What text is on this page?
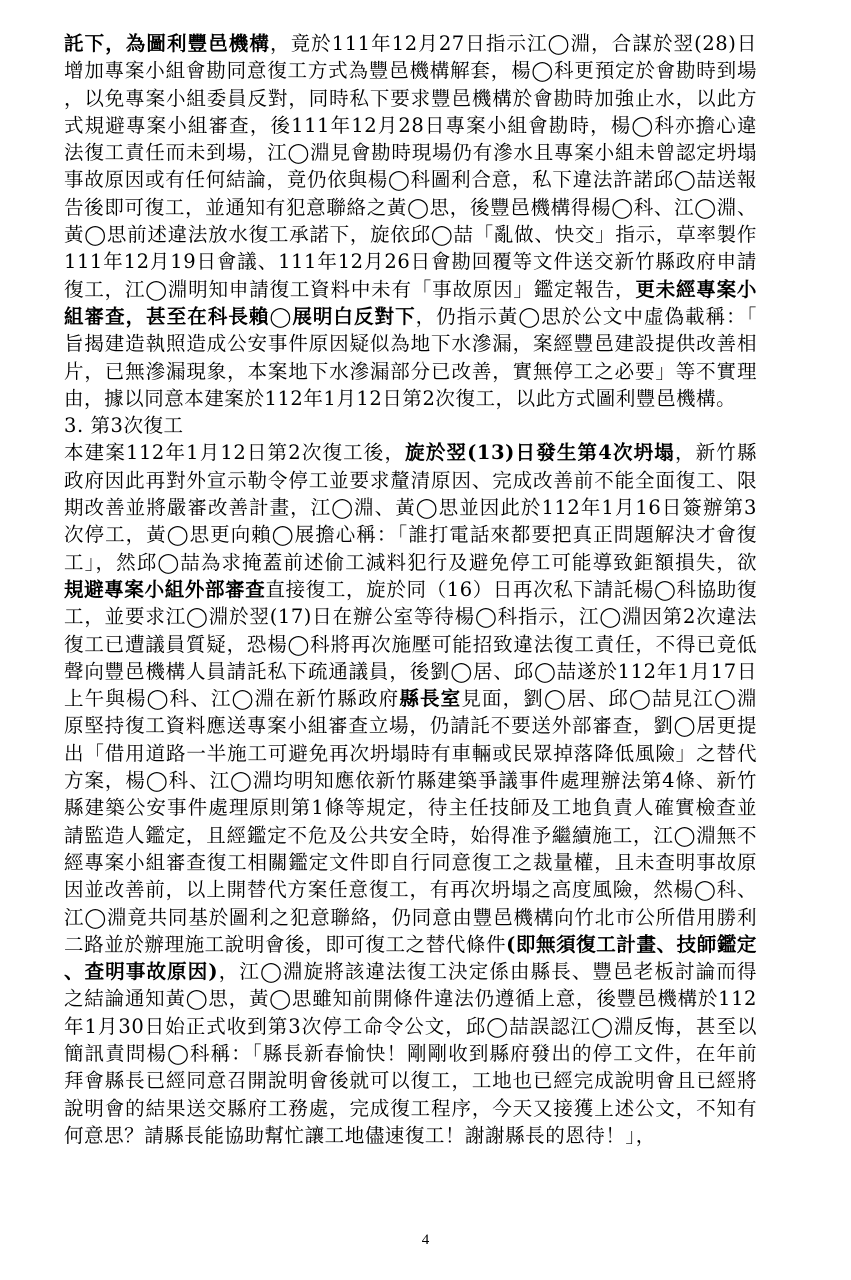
託下，為圖利豐邑機構，竟於111年12月27日指示江◯淵，合謀於翌(28)日增加專案小組會勘同意復工方式為豐邑機構解套，楊◯科更預定於會勘時到場，以免專案小組委員反對，同時私下要求豐邑機構於會勘時加強止水，以此方式規避專案小組審查，後111年12月28日專案小組會勘時，楊◯科亦擔心違法復工責任而未到場，江◯淵見會勘時現場仍有滲水且專案小組未曾認定坍塌事故原因或有任何結論，竟仍依與楊◯科圖利合意，私下違法許諾邱◯喆送報告後即可復工，並通知有犯意聯絡之黃◯思，後豐邑機構得楊◯科、江◯淵、黃◯思前述違法放水復工承諾下，旋依邱◯喆「亂做、快交」指示，草率製作111年12月19日會議、111年12月26日會勘回覆等文件送交新竹縣政府申請復工，江◯淵明知申請復工資料中未有「事故原因」鑑定報告，更未經專案小組審查，甚至在科長賴◯展明白反對下，仍指示黃◯思於公文中虛偽載稱：「旨揭建造執照造成公安事件原因疑似為地下水滲漏，案經豐邑建設提供改善相片，已無滲漏現象，本案地下水滲漏部分已改善，實無停工之必要」等不實理由，據以同意本建案於112年1月12日第2次復工，以此方式圖利豐邑機構。

3. 第3次復工

本建案112年1月12日第2次復工後，旋於翌(13)日發生第4次坍塌，新竹縣政府因此再對外宣示勒令停工並要求釐清原因、完成改善前不能全面復工、限期改善並將嚴審改善計畫，江◯淵、黃◯思並因此於112年1月16日簽辦第3次停工，黃◯思更向賴◯展擔心稱：「誰打電話來都要把真正問題解決才會復工」，然邱◯喆為求掩蓋前述偷工減料犯行及避免停工可能導致鉅額損失，欲規避專案小組外部審查直接復工，旋於同（16）日再次私下請託楊◯科協助復工，並要求江◯淵於翌(17)日在辦公室等待楊◯科指示，江◯淵因第2次違法復工已遭議員質疑，恐楊◯科將再次施壓可能招致違法復工責任，不得已竟低聲向豐邑機構人員請託私下疏通議員，後劉◯居、邱◯喆遂於112年1月17日上午與楊◯科、江◯淵在新竹縣政府縣長室見面，劉◯居、邱◯喆見江◯淵原堅持復工資料應送專案小組審查立場，仍請託不要送外部審查，劉◯居更提出「借用道路一半施工可避免再次坍塌時有車輛或民眾掉落降低風險」之替代方案，楊◯科、江◯淵均明知應依新竹縣建築爭議事件處理辦法第4條、新竹縣建築公安事件處理原則第1條等規定，待主任技師及工地負責人確實檢查並請監造人鑑定，且經鑑定不危及公共安全時，始得准予繼續施工，江◯淵無不經專案小組審查復工相關鑑定文件即自行同意復工之裁量權，且未查明事故原因並改善前，以上開替代方案任意復工，有再次坍塌之高度風險，然楊◯科、江◯淵竟共同基於圖利之犯意聯絡，仍同意由豐邑機構向竹北市公所借用勝利二路並於辦理施工說明會後，即可復工之替代條件(即無須復工計畫、技師鑑定、查明事故原因)，江◯淵旋將該違法復工決定係由縣長、豐邑老板討論而得之結論通知黃◯思，黃◯思雖知前開條件違法仍遵循上意，後豐邑機構於112年1月30日始正式收到第3次停工命令公文，邱◯喆誤認江◯淵反悔，甚至以簡訊責問楊◯科稱：「縣長新春愉快！剛剛收到縣府發出的停工文件，在年前拜會縣長已經同意召開說明會後就可以復工，工地也已經完成說明會且已經將說明會的結果送交縣府工務處，完成復工程序，今天又接獲上述公文，不知有何意思？請縣長能協助幫忙讓工地儘速復工！謝謝縣長的恩待！」，

4
